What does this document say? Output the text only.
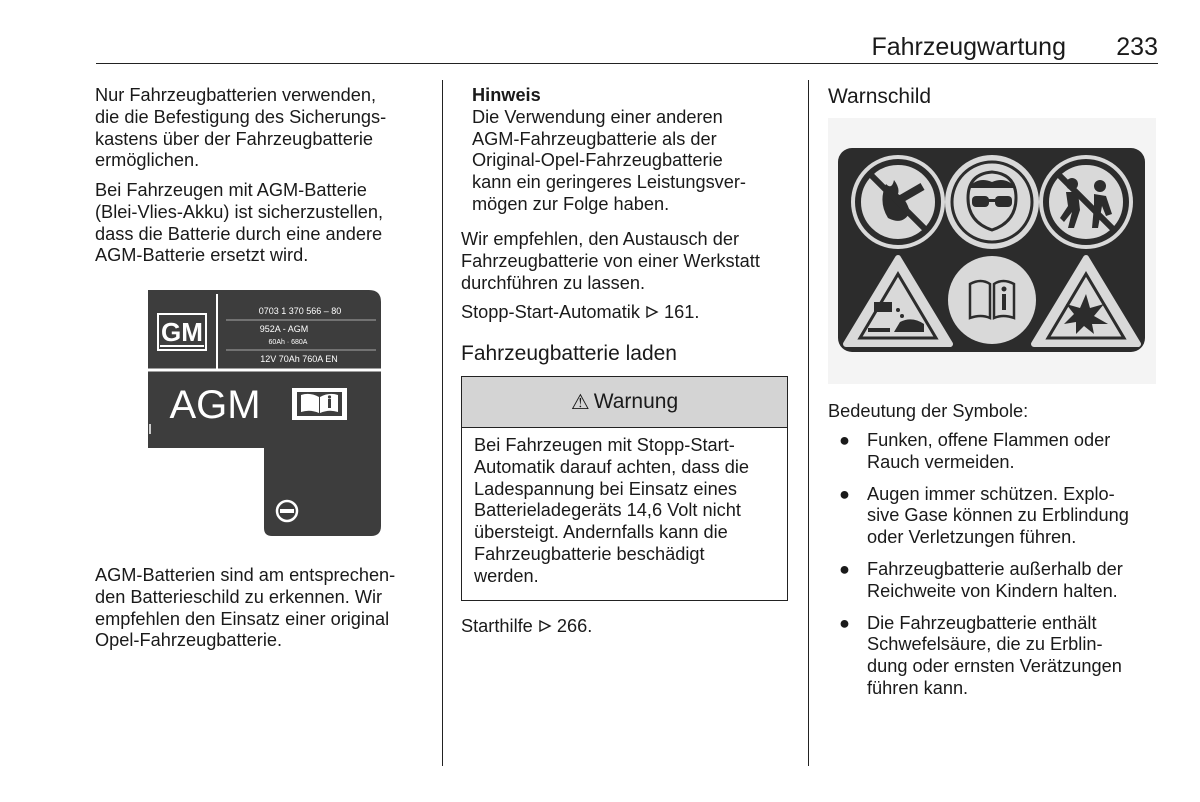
Fahrzeugwartung	233
Nur Fahrzeugbatterien verwenden,
die die Befestigung des Sicherungs-
kastens über der Fahrzeugbatterie
ermöglichen.
Bei Fahrzeugen mit AGM-Batterie
(Blei-Vlies-Akku) ist sicherzustellen,
dass die Batterie durch eine andere
AGM-Batterie ersetzt wird.
GM
0703 1 370 566 – 80
952A - AGM
60Ah · 680A
12V 70Ah 760A EN
AGM
AGM-Batterien sind am entsprechen-
den Batterieschild zu erkennen. Wir
empfehlen den Einsatz einer original
Opel-Fahrzeugbatterie.
Hinweis
Die Verwendung einer anderen
AGM-Fahrzeugbatterie als der
Original-Opel-Fahrzeugbatterie
kann ein geringeres Leistungsver-
mögen zur Folge haben.
Wir empfehlen, den Austausch der
Fahrzeugbatterie von einer Werkstatt
durchführen zu lassen.
Stopp-Start-Automatik 161.
Fahrzeugbatterie laden
⚠ Warnung
Bei Fahrzeugen mit Stopp-Start-
Automatik darauf achten, dass die
Ladespannung bei Einsatz eines
Batterieladegeräts 14,6 Volt nicht
übersteigt. Andernfalls kann die
Fahrzeugbatterie beschädigt
werden.
Starthilfe 266.
Warnschild
Bedeutung der Symbole:
● Funken, offene Flammen oder
Rauch vermeiden.
● Augen immer schützen. Explo-
sive Gase können zu Erblindung
oder Verletzungen führen.
● Fahrzeugbatterie außerhalb der
Reichweite von Kindern halten.
● Die Fahrzeugbatterie enthält
Schwefelsäure, die zu Erblin-
dung oder ernsten Verätzungen
führen kann.
